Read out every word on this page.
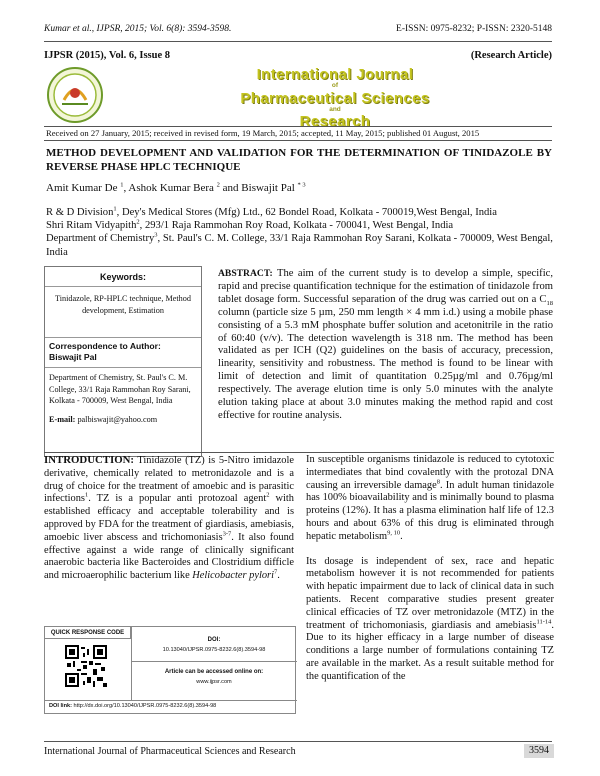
Kumar et al., IJPSR, 2015; Vol. 6(8): 3594-3598.	E-ISSN: 0975-8232; P-ISSN: 2320-5148
IJPSR (2015), Vol. 6, Issue 8	(Research Article)
International Journal
of
Pharmaceutical Sciences
and
Research
Received on 27 January, 2015; received in revised form, 19 March, 2015; accepted, 11 May, 2015; published 01 August, 2015
METHOD DEVELOPMENT AND VALIDATION FOR THE DETERMINATION OF TINIDAZOLE BY REVERSE PHASE HPLC TECHNIQUE
Amit Kumar De $^1$, Ashok Kumar Bera $^2$ and Biswajit Pal $^{* 3}$
R & D Division$^1$, Dey's Medical Stores (Mfg) Ltd., 62 Bondel Road, Kolkata - 700019,West Bengal, India
Shri Ritam Vidyapith$^2$, 293/1 Raja Rammohan Roy Road, Kolkata - 700041, West Bengal, India
Department of Chemistry$^3$, St. Paul's C. M. College, 33/1 Raja Rammohan Roy Sarani, Kolkata - 700009, West Bengal, India
Keywords:
Tinidazole, RP-HPLC technique, Method development, Estimation
Correspondence to Author:
Biswajit Pal
Department of Chemistry, St. Paul's C. M. College, 33/1 Raja Rammohan Roy Sarani, Kolkata - 700009, West Bengal, India
E-mail: palbiswajit@yahoo.com
ABSTRACT: The aim of the current study is to develop a simple, specific, rapid and precise quantification technique for the estimation of tinidazole from tablet dosage form. Successful separation of the drug was carried out on a $C_{18}$ column (particle size 5 µm, 250 mm length × 4 mm i.d.) using a mobile phase consisting of a 5.3 mM phosphate buffer solution and acetonitrile in the ratio of 60:40 (v/v). The detection wavelength is 318 nm. The method has been validated as per ICH (Q2) guidelines on the basis of accuracy, precession, linearity, sensitivity and robustness. The method is found to be linear with limit of detection and limit of quantitation 0.25µg/ml and 0.76µg/ml respectively. The average elution time is only 5.0 minutes with the analyte elution taking place at about 3.0 minutes making the method rapid and cost effective for routine analysis.

INTRODUCTION: Tinidazole (TZ) is 5-Nitro imidazole derivative, chemically related to metronidazole and is a drug of choice for the treatment of amoebic and is parasitic infections$^1$. TZ is a popular anti protozoal agent$^2$ with established efficacy and acceptable tolerability and is approved by FDA for the treatment of giardiasis, amebiasis, amoebic liver abscess and trichomoniasis$^{3-7}$. It also found effective against a wide range of clinically significant anaerobic bacteria like Bacteroides and Clostridium difficle and microaerophilic bacterium like Helicobacter pylori$^7$.

In susceptible organisms tinidazole is reduced to cytotoxic intermediates that bind covalently with the protozal DNA causing an irreversible damage$^8$. In adult human tinidazole has 100% bioavailability and is minimally bound to plasma proteins (12%). It has a plasma elimination half life of 12.3 hours and about 63% of this drug is eliminated through hepatic metabolism$^{9, 10}$.

Its dosage is independent of sex, race and hepatic metabolism however it is not recommended for patients with hepatic impairment due to lack of clinical data in such patients. Recent comparative studies present greater clinical efficacies of TZ over metronidazole (MTZ) in the treatment of trichomoniasis, giardiasis and amebiasis$^{11-14}$. Due to its higher efficacy in a large number of disease conditions a large number of formulations containing TZ are available in the market. As a result suitable method for the quantification of the

QUICK RESPONSE CODE
DOI:
10.13040/IJPSR.0975-8232.6(8).3594-98
Article can be accessed online on:
www.ijpsr.com
DOI link: http://dx.doi.org/10.13040/IJPSR.0975-8232.6(8).3594-98
International Journal of Pharmaceutical Sciences and Research	3594
